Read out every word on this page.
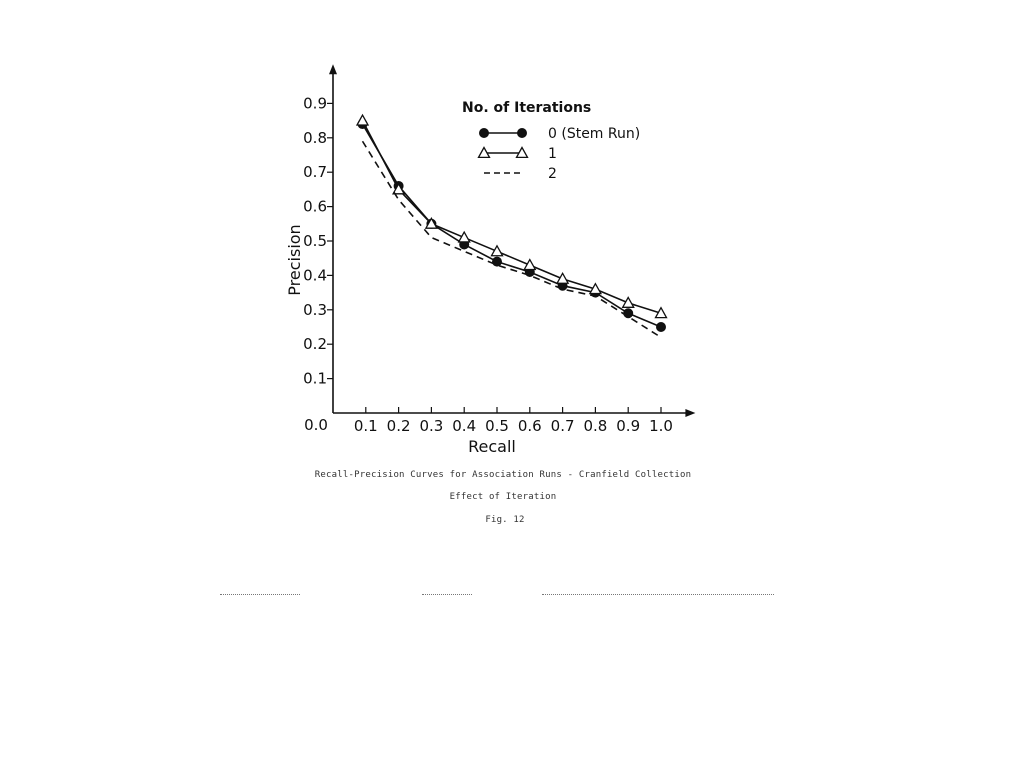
0.1 0.2 0.3 0.4 0.5 0.6 0.7 0.8 0.9 1.0
0.1
0.2
0.3
0.4
0.5
0.6
0.7
0.8
0.9	No. of Iterations
0 (Stem Run)
1
2
Recall
Precision
0.0
Recall-Precision Curves for Association Runs - Cranfield Collection
Effect of Iteration
Fig. 12
